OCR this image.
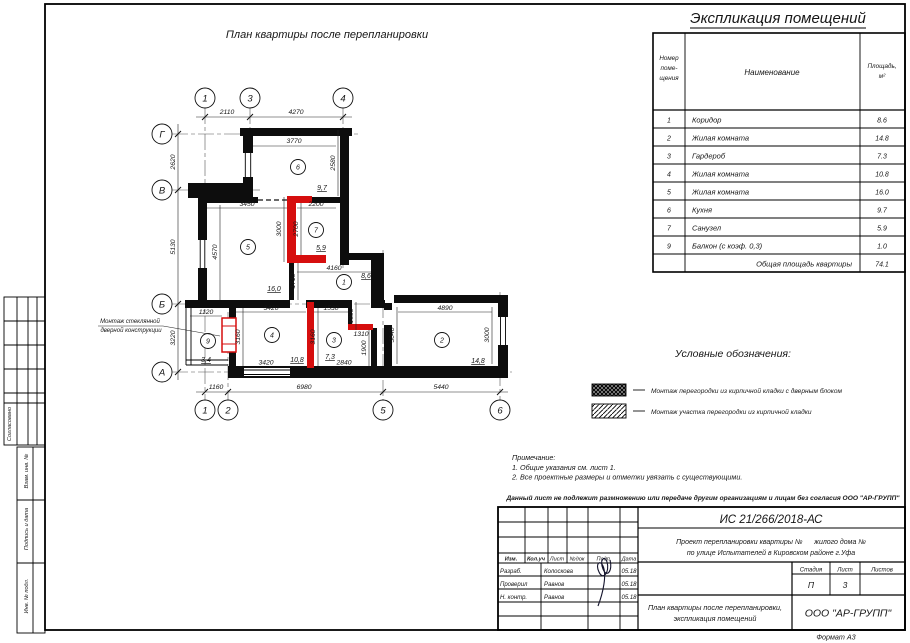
Согласовано
Взам. инв. №
Подпись и дата
Инв. № подл.
План квартиры после перепланировки
2110	4270
3770
3450	2200
4160
1120
3420	1530
1310
3420	2840
4890
1160	6980	5440
2620
5130
3220
2580
3000 2700
4570
1710
1300
1900
3160	3160	3040	3000
9,7
5,9
16,0
8,6
10,8	7,3
14,8
3,4
6
7
5
1
4
3	2
9
1	3	4
Г
В
Б
А
1 2	5	6
Монтаж стеклянной
дверной конструкции
Экспликация помещений
Номер
поме-
щения
Наименование
Площадь,
м²
1	Коридор	8.6
2	Жилая комната	14.8
3	Гардероб	7.3
4	Жилая комната	10.8
5	Жилая комната	16.0
6	Кухня	9.7
7	Санузел	5.9
9	Балкон (с коэф. 0,3)	1.0
Общая площадь квартиры	74.1
Условные обозначения:
Монтаж перегородки из кирпичной кладки с дверным блоком
Монтаж участка перегородки из кирпичной кладки
Примечание:
1. Общие указания см. лист 1.
2. Все проектные размеры и отметки увязать с существующими.
Данный лист не подлежит размножению или передаче другим организациям и лицам без согласия ООО "АР-ГРУПП"
ИС 21/266/2018-АС
Проект перепланировки квартиры №      жилого дома №
по улице Испытателей в Кировском районе г.Уфа
Изм. Кол.уч Лист №док Подп. Дата
Разраб.	Колоскова	05.18
Проверил	Равнов	05.18
Н. контр.	Равнов	05.18
Стадия	Лист	Листов
П	3
План квартиры после перепланировки,
экспликация помещений	ООО "АР-ГРУПП"
Формат А3
